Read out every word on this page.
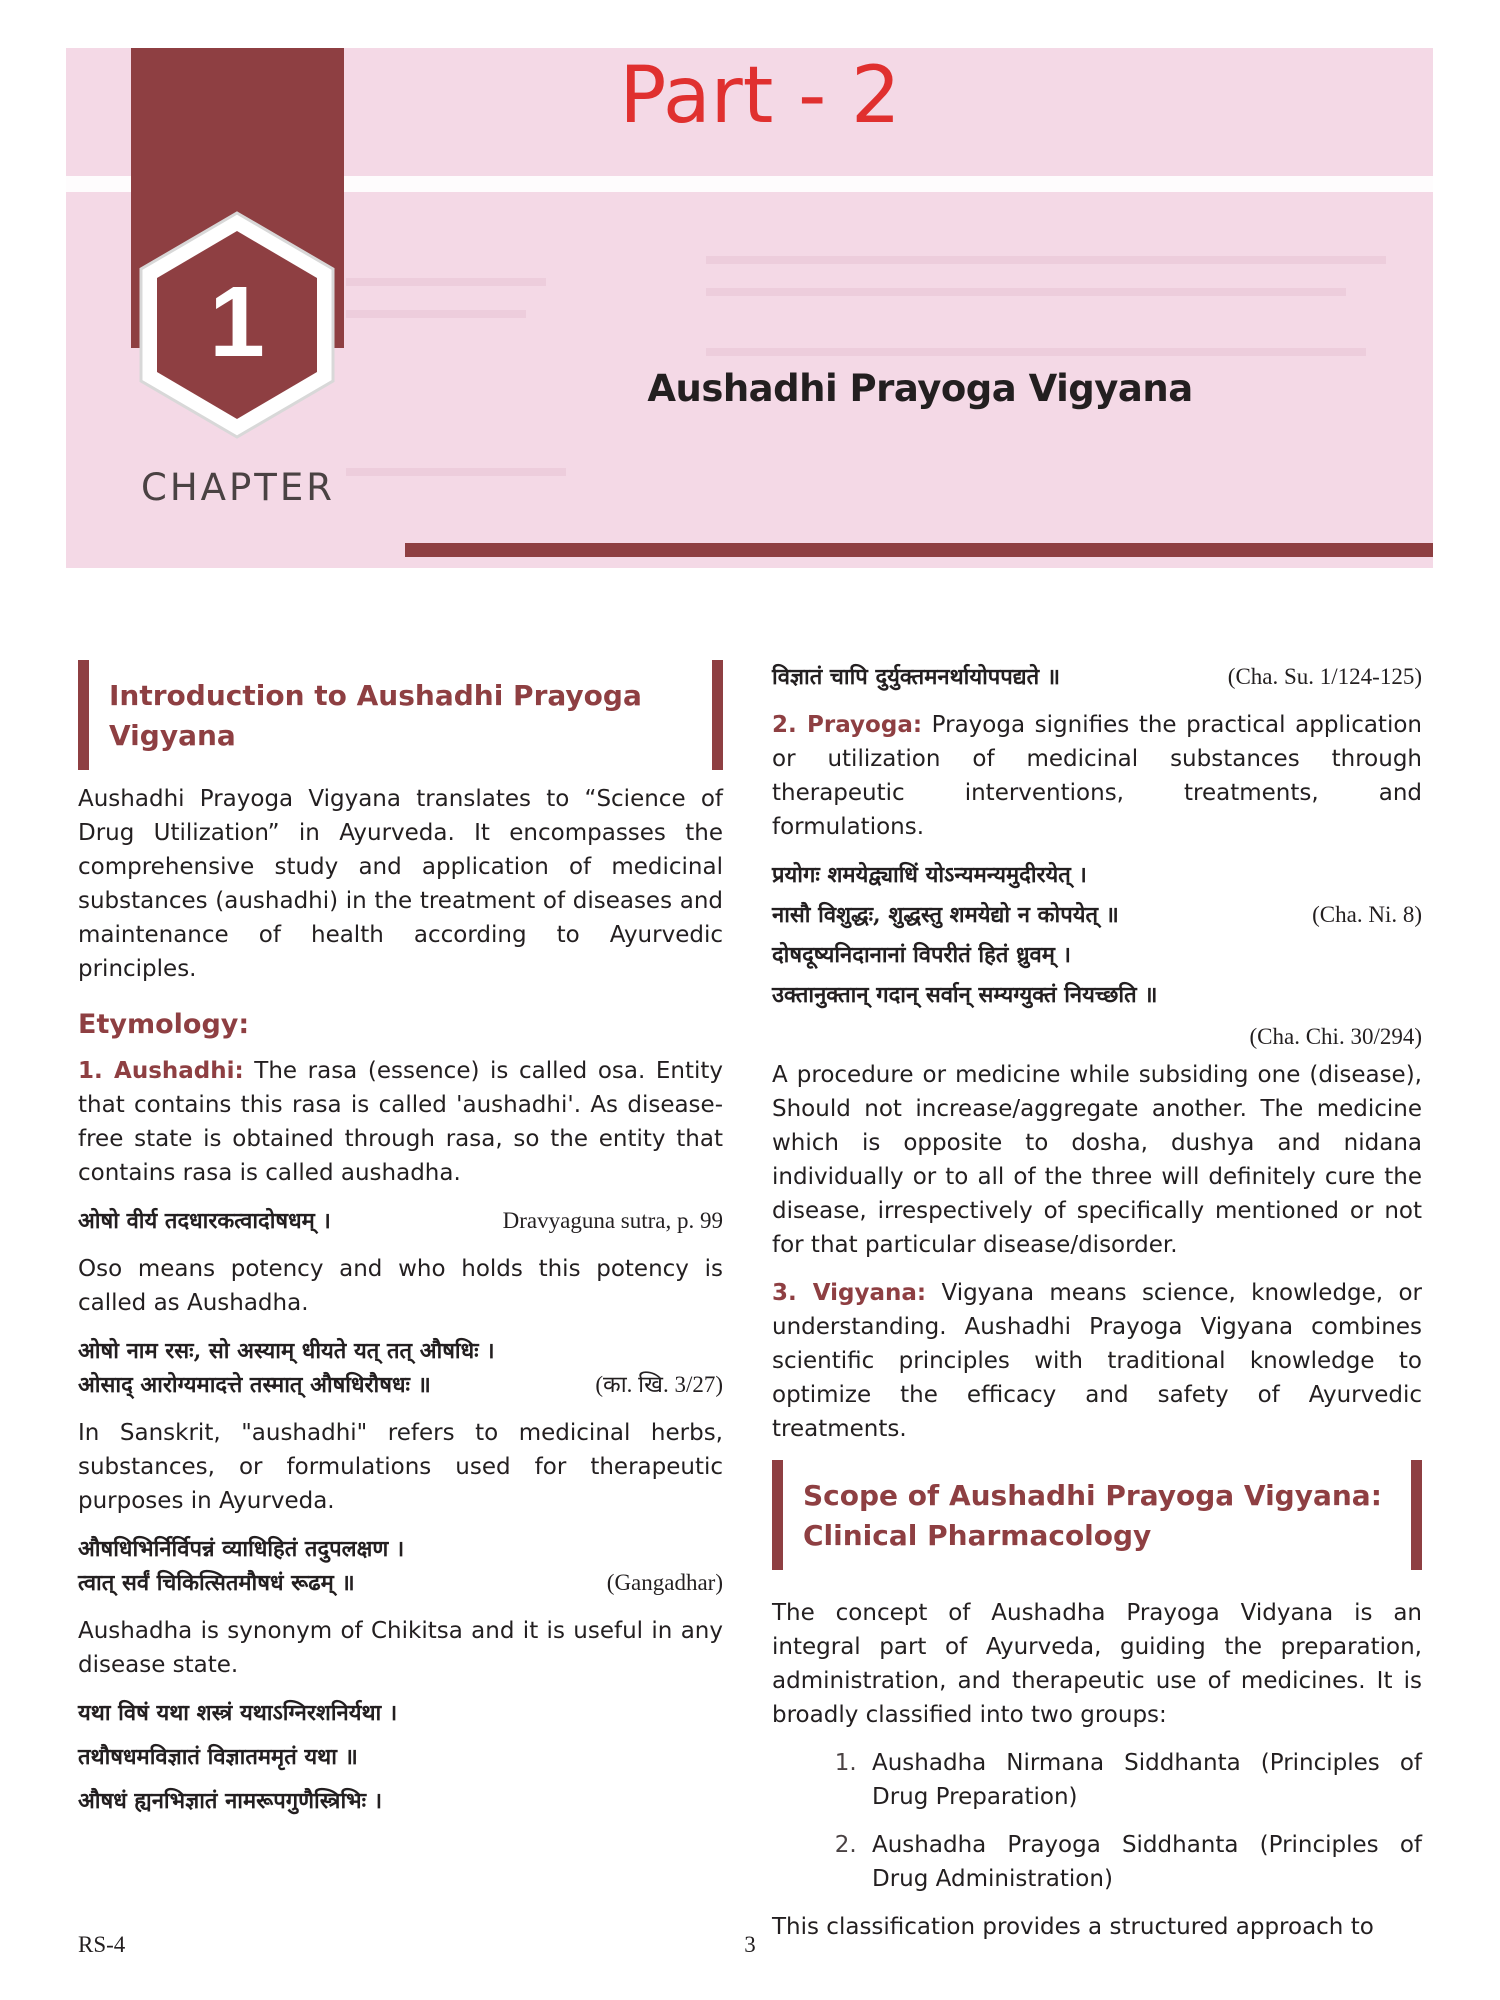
1
CHAPTER
Part - 2
Aushadhi Prayoga Vigyana
Introduction to Aushadhi Prayoga Vigyana

Aushadhi Prayoga Vigyana translates to “Science of Drug Utilization” in Ayurveda. It encompasses the comprehensive study and application of medicinal substances (aushadhi) in the treatment of diseases and maintenance of health according to Ayurvedic principles.

Etymology:

1. Aushadhi: The rasa (essence) is called osa. Entity that contains this rasa is called 'aushadhi'. As disease-free state is obtained through rasa, so the entity that contains rasa is called aushadha.

ओषो वीर्य तदधारकत्वादोषधम् ।	Dravyaguna sutra, p. 99

Oso means potency and who holds this potency is called as Aushadha.

ओषो नाम रसः, सो अस्याम् धीयते यत् तत् औषधिः ।
ओसाद् आरोग्यमादत्ते तस्मात् औषधिरौषधः ॥	(का. खि. 3/27)

In Sanskrit, "aushadhi" refers to medicinal herbs, substances, or formulations used for therapeutic purposes in Ayurveda.

औषधिभिर्निर्विपन्नं व्याधिहितं तदुपलक्षण ।
त्वात् सर्वं चिकित्सितमौषधं रूढम् ॥	(Gangadhar)

Aushadha is synonym of Chikitsa and it is useful in any disease state.

यथा विषं यथा शस्त्रं यथाऽग्निरशनिर्यथा ।
तथौषधमविज्ञातं विज्ञातममृतं यथा ॥
औषधं ह्यनभिज्ञातं नामरूपगुणैस्त्रिभिः ।
विज्ञातं चापि दुर्युक्तमनर्थायोपपद्यते ॥	(Cha. Su. 1/124-125)

2. Prayoga: Prayoga signifies the practical application or utilization of medicinal substances through therapeutic interventions, treatments, and formulations.

प्रयोगः शमयेद्व्याधिं योऽन्यमन्यमुदीरयेत् ।
नासौ विशुद्धः, शुद्धस्तु शमयेद्यो न कोपयेत् ॥	(Cha. Ni. 8)
दोषदूष्यनिदानानां विपरीतं हितं ध्रुवम् ।
उक्तानुक्तान् गदान् सर्वान् सम्यग्युक्तं नियच्छति ॥
(Cha. Chi. 30/294)

A procedure or medicine while subsiding one (disease), Should not increase/aggregate another. The medicine which is opposite to dosha, dushya and nidana individually or to all of the three will definitely cure the disease, irrespectively of specifically mentioned or not for that particular disease/disorder.

3. Vigyana: Vigyana means science, knowledge, or understanding. Aushadhi Prayoga Vigyana combines scientific principles with traditional knowledge to optimize the efficacy and safety of Ayurvedic treatments.

Scope of Aushadhi Prayoga Vigyana: Clinical Pharmacology

The concept of Aushadha Prayoga Vidyana is an integral part of Ayurveda, guiding the preparation, administration, and therapeutic use of medicines. It is broadly classified into two groups:

1. Aushadha Nirmana Siddhanta (Principles of Drug Preparation)
2. Aushadha Prayoga Siddhanta (Principles of Drug Administration)

This classification provides a structured approach to

RS-4	3
